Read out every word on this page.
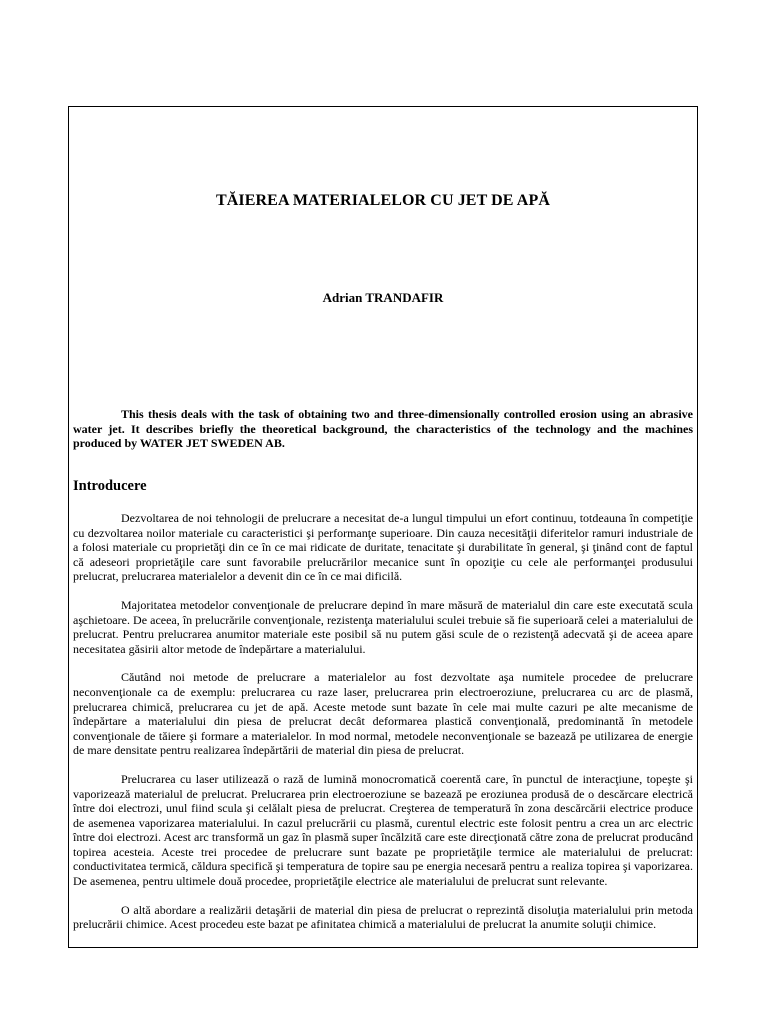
TĂIEREA MATERIALELOR CU JET DE APĂ
Adrian TRANDAFIR

This thesis deals with the task of obtaining two and three-dimensionally controlled erosion using an abrasive water jet. It describes briefly the theoretical background, the characteristics of the technology and the machines produced by WATER JET SWEDEN AB.

Introducere

Dezvoltarea de noi tehnologii de prelucrare a necesitat de-a lungul timpului un efort continuu, totdeauna în competiţie cu dezvoltarea noilor materiale cu caracteristici şi performanţe superioare. Din cauza necesităţii diferitelor ramuri industriale de a folosi materiale cu proprietăţi din ce în ce mai ridicate de duritate, tenacitate şi durabilitate în general, şi ţinând cont de faptul că adeseori proprietăţile care sunt favorabile prelucrărilor mecanice sunt în opoziţie cu cele ale performanţei produsului prelucrat, prelucrarea materialelor a devenit din ce în ce mai dificilă.

Majoritatea metodelor convenţionale de prelucrare depind în mare măsură de materialul din care este executată scula aşchietoare. De aceea, în prelucrările convenţionale, rezistenţa materialului sculei trebuie să fie superioară celei a materialului de prelucrat. Pentru prelucrarea anumitor materiale este posibil să nu putem găsi scule de o rezistenţă adecvată şi de aceea apare necesitatea găsirii altor metode de îndepărtare a materialului.

Căutând noi metode de prelucrare a materialelor au fost dezvoltate aşa numitele procedee de prelucrare neconvenţionale ca de exemplu: prelucrarea cu raze laser, prelucrarea prin electroeroziune, prelucrarea cu arc de plasmă, prelucrarea chimică, prelucrarea cu jet de apă. Aceste metode sunt bazate în cele mai multe cazuri pe alte mecanisme de îndepărtare a materialului din piesa de prelucrat decât deformarea plastică convenţională, predominantă în metodele convenţionale de tăiere şi formare a materialelor. In mod normal, metodele neconvenţionale se bazează pe utilizarea de energie de mare densitate pentru realizarea îndepărtării de material din piesa de prelucrat.

Prelucrarea cu laser utilizează o rază de lumină monocromatică coerentă care, în punctul de interacţiune, topeşte şi vaporizează materialul de prelucrat. Prelucrarea prin electroeroziune se bazează pe eroziunea produsă de o descărcare electrică între doi electrozi, unul fiind scula şi celălalt piesa de prelucrat. Creşterea de temperatură în zona descărcării electrice produce de asemenea vaporizarea materialului. In cazul prelucrării cu plasmă, curentul electric este folosit pentru a crea un arc electric între doi electrozi. Acest arc transformă un gaz în plasmă super încălzită care este direcţionată către zona de prelucrat producând topirea acesteia. Aceste trei procedee de prelucrare sunt bazate pe proprietăţile termice ale materialului de prelucrat: conductivitatea termică, căldura specifică şi temperatura de topire sau pe energia necesară pentru a realiza topirea şi vaporizarea. De asemenea, pentru ultimele două procedee, proprietăţile electrice ale materialului de prelucrat sunt relevante.

O altă abordare a realizării detaşării de material din piesa de prelucrat o reprezintă disoluţia materialului prin metoda prelucrării chimice. Acest procedeu este bazat pe afinitatea chimică a materialului de prelucrat la anumite soluţii chimice.
